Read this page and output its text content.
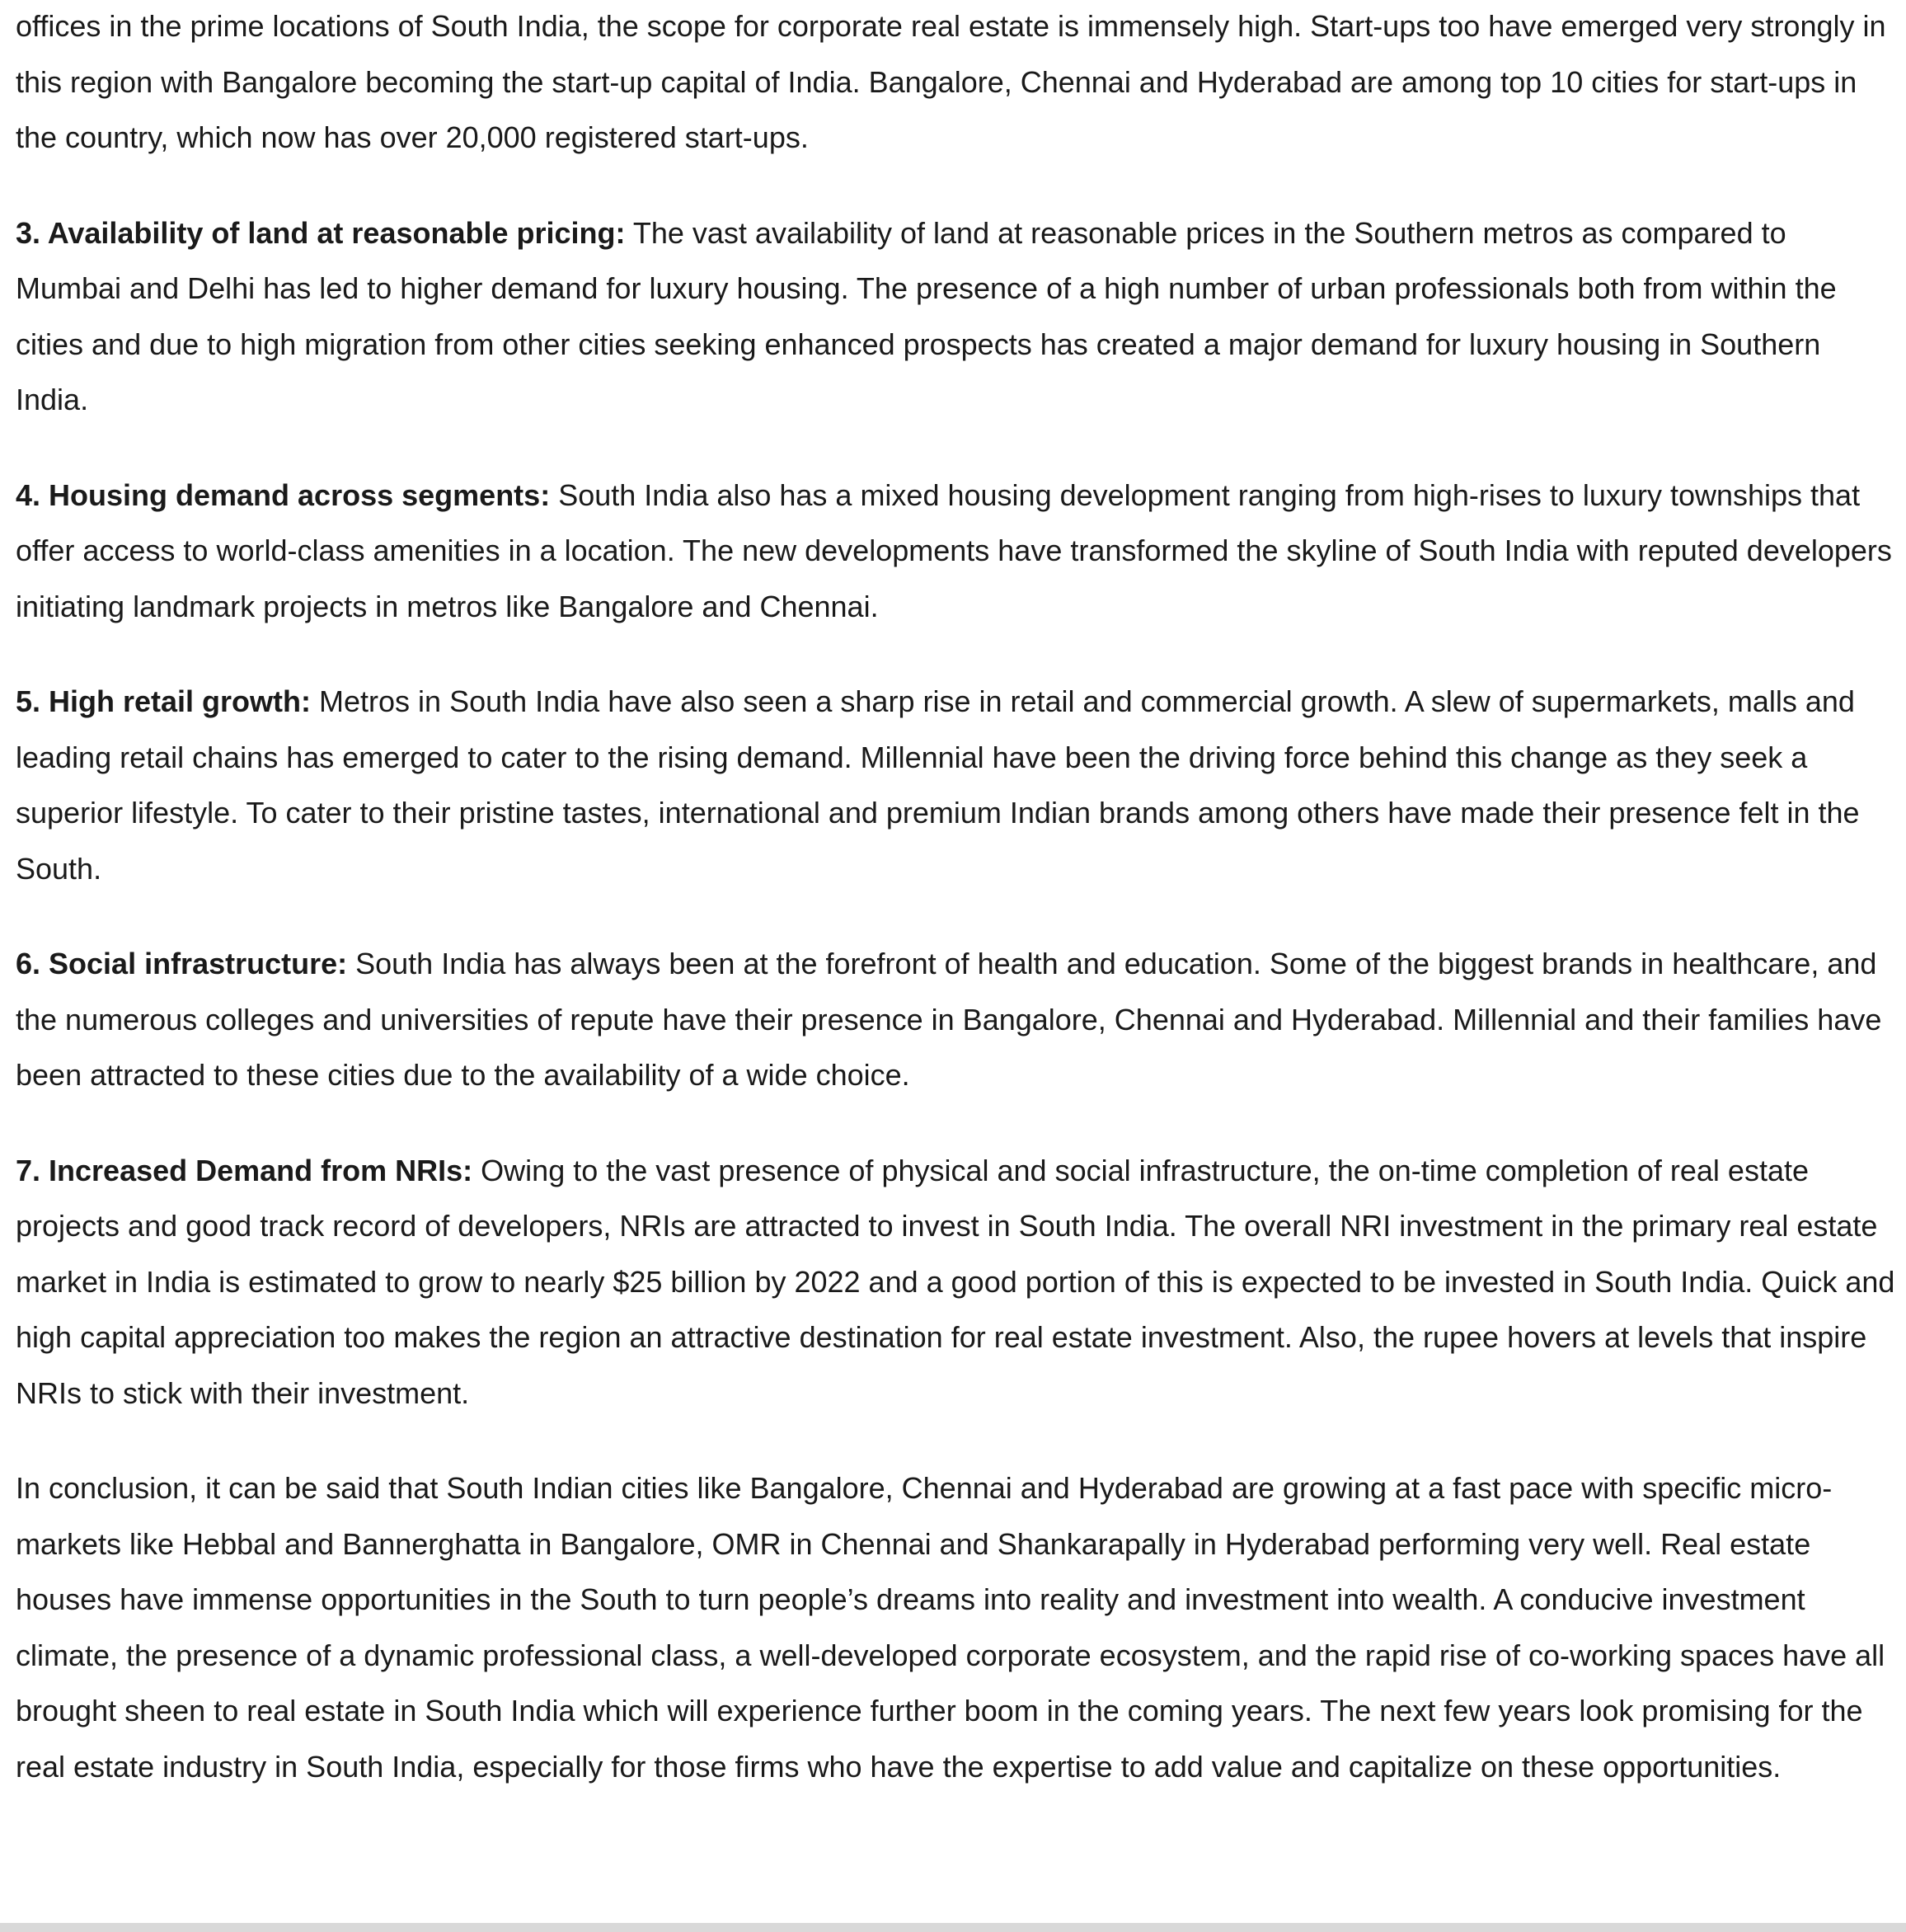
offices in the prime locations of South India, the scope for corporate real estate is immensely high. Start-ups too have emerged very strongly in this region with Bangalore becoming the start-up capital of India. Bangalore, Chennai and Hyderabad are among top 10 cities for start-ups in the country, which now has over 20,000 registered start-ups.

3. Availability of land at reasonable pricing: The vast availability of land at reasonable prices in the Southern metros as compared to Mumbai and Delhi has led to higher demand for luxury housing. The presence of a high number of urban professionals both from within the cities and due to high migration from other cities seeking enhanced prospects has created a major demand for luxury housing in Southern India.

4. Housing demand across segments: South India also has a mixed housing development ranging from high-rises to luxury townships that offer access to world-class amenities in a location. The new developments have transformed the skyline of South India with reputed developers initiating landmark projects in metros like Bangalore and Chennai.

5. High retail growth: Metros in South India have also seen a sharp rise in retail and commercial growth. A slew of supermarkets, malls and leading retail chains has emerged to cater to the rising demand. Millennial have been the driving force behind this change as they seek a superior lifestyle. To cater to their pristine tastes, international and premium Indian brands among others have made their presence felt in the South.

6. Social infrastructure: South India has always been at the forefront of health and education. Some of the biggest brands in healthcare, and the numerous colleges and universities of repute have their presence in Bangalore, Chennai and Hyderabad. Millennial and their families have been attracted to these cities due to the availability of a wide choice.

7. Increased Demand from NRIs: Owing to the vast presence of physical and social infrastructure, the on-time completion of real estate projects and good track record of developers, NRIs are attracted to invest in South India. The overall NRI investment in the primary real estate market in India is estimated to grow to nearly $25 billion by 2022 and a good portion of this is expected to be invested in South India. Quick and high capital appreciation too makes the region an attractive destination for real estate investment. Also, the rupee hovers at levels that inspire NRIs to stick with their investment.

In conclusion, it can be said that South Indian cities like Bangalore, Chennai and Hyderabad are growing at a fast pace with specific micro-markets like Hebbal and Bannerghatta in Bangalore, OMR in Chennai and Shankarapally in Hyderabad performing very well. Real estate houses have immense opportunities in the South to turn people’s dreams into reality and investment into wealth. A conducive investment climate, the presence of a dynamic professional class, a well-developed corporate ecosystem, and the rapid rise of co-working spaces have all brought sheen to real estate in South India which will experience further boom in the coming years. The next few years look promising for the real estate industry in South India, especially for those firms who have the expertise to add value and capitalize on these opportunities.
